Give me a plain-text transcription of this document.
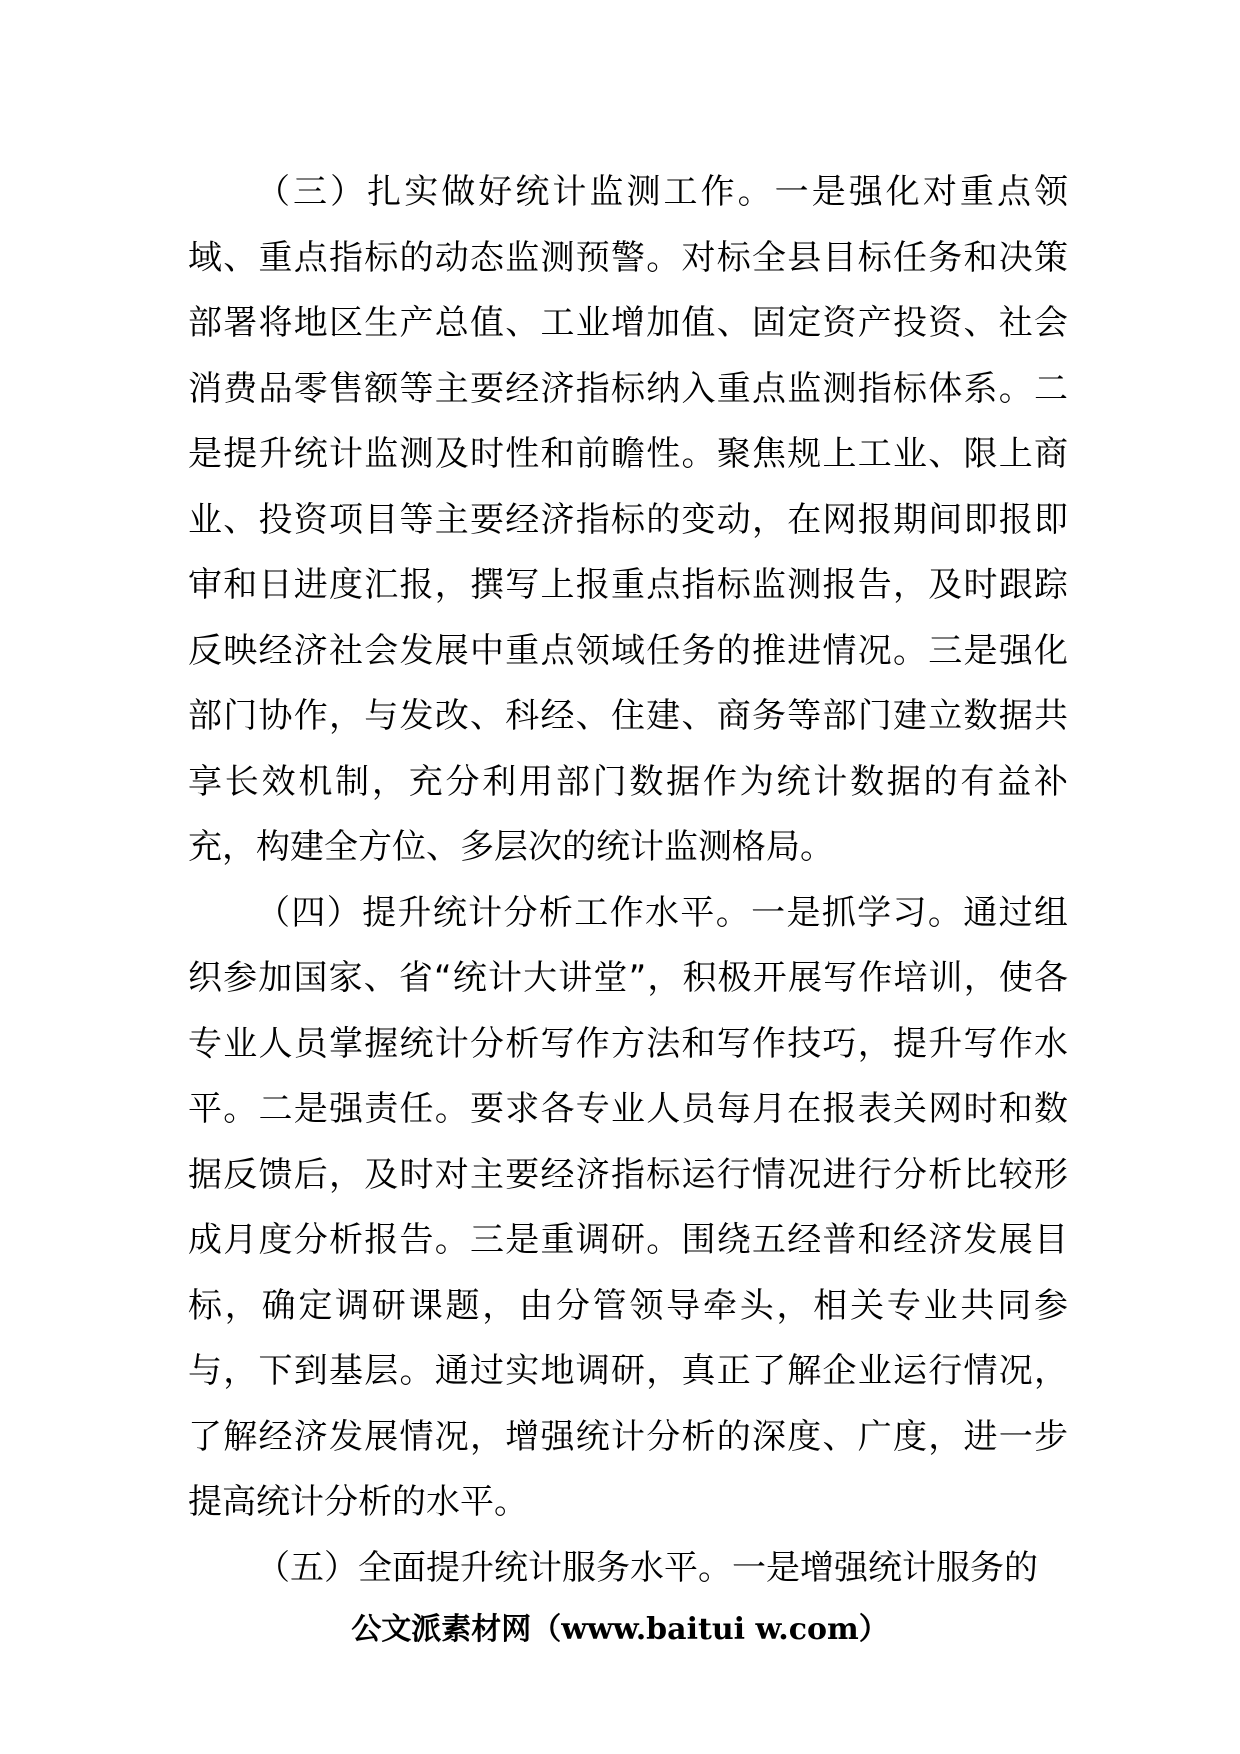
（三）扎实做好统计监测工作。一是强化对重点领域、重点指标的动态监测预警。对标全县目标任务和决策部署将地区生产总值、工业增加值、固定资产投资、社会消费品零售额等主要经济指标纳入重点监测指标体系。二是提升统计监测及时性和前瞻性。聚焦规上工业、限上商业、投资项目等主要经济指标的变动，在网报期间即报即审和日进度汇报，撰写上报重点指标监测报告，及时跟踪反映经济社会发展中重点领域任务的推进情况。三是强化部门协作，与发改、科经、住建、商务等部门建立数据共享长效机制，充分利用部门数据作为统计数据的有益补充，构建全方位、多层次的统计监测格局。

（四）提升统计分析工作水平。一是抓学习。通过组织参加国家、省“统计大讲堂”，积极开展写作培训，使各专业人员掌握统计分析写作方法和写作技巧，提升写作水平。二是强责任。要求各专业人员每月在报表关网时和数据反馈后，及时对主要经济指标运行情况进行分析比较形成月度分析报告。三是重调研。围绕五经普和经济发展目标，确定调研课题，由分管领导牵头，相关专业共同参与，下到基层。通过实地调研，真正了解企业运行情况，了解经济发展情况，增强统计分析的深度、广度，进一步提高统计分析的水平。

（五）全面提升统计服务水平。一是增强统计服务的

公文派素材网（www.baitui w.com）
